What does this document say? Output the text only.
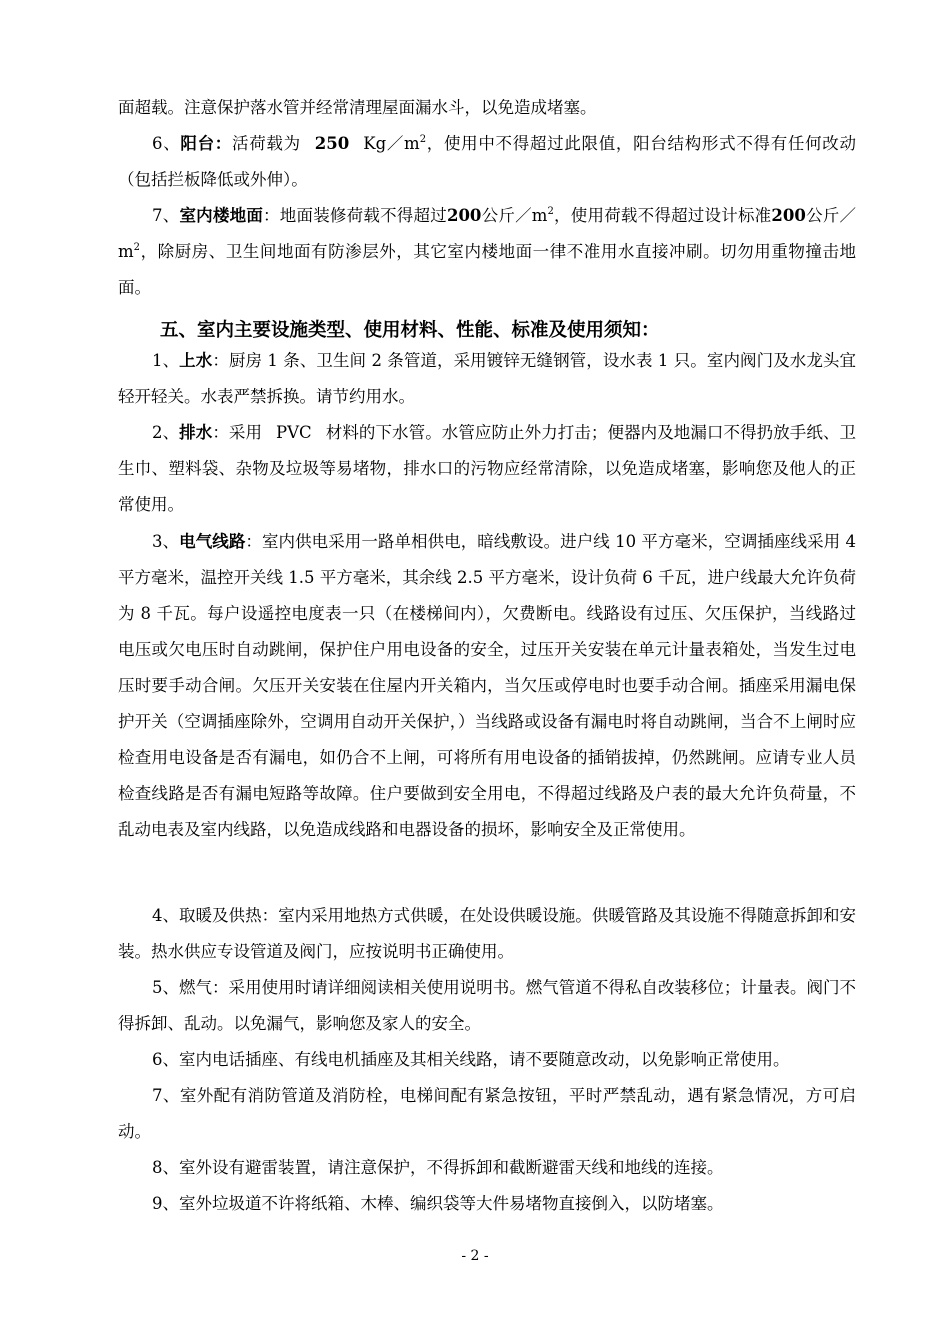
面超载。注意保护落水管并经常清理屋面漏水斗，以免造成堵塞。

6、阳台：活荷载为 250 $Kg/m^2$，使用中不得超过此限值，阳台结构形式不得有任何改动（包括拦板降低或外伸）。

7、室内楼地面：地面装修荷载不得超过200公斤$/m^2$，使用荷载不得超过设计标准200公斤$/m^2$，除厨房、卫生间地面有防渗层外，其它室内楼地面一律不准用水直接冲刷。切勿用重物撞击地面。

五、室内主要设施类型、使用材料、性能、标准及使用须知：

1、上水：厨房 1 条、卫生间 2 条管道，采用镀锌无缝钢管，设水表 1 只。室内阀门及水龙头宜轻开轻关。水表严禁拆换。请节约用水。

2、排水：采用 PVC 材料的下水管。水管应防止外力打击；便器内及地漏口不得扔放手纸、卫生巾、塑料袋、杂物及垃圾等易堵物，排水口的污物应经常清除，以免造成堵塞，影响您及他人的正常使用。

3、电气线路：室内供电采用一路单相供电，暗线敷设。进户线 10 平方毫米，空调插座线采用 4 平方毫米，温控开关线 1.5 平方毫米，其余线 2.5 平方毫米，设计负荷 6 千瓦，进户线最大允许负荷为 8 千瓦。每户设遥控电度表一只（在楼梯间内），欠费断电。线路设有过压、欠压保护，当线路过电压或欠电压时自动跳闸，保护住户用电设备的安全，过压开关安装在单元计量表箱处，当发生过电压时要手动合闸。欠压开关安装在住屋内开关箱内，当欠压或停电时也要手动合闸。插座采用漏电保护开关（空调插座除外，空调用自动开关保护，）当线路或设备有漏电时将自动跳闸，当合不上闸时应检查用电设备是否有漏电，如仍合不上闸，可将所有用电设备的插销拔掉，仍然跳闸。应请专业人员检查线路是否有漏电短路等故障。住户要做到安全用电，不得超过线路及户表的最大允许负荷量，不乱动电表及室内线路，以免造成线路和电器设备的损坏，影响安全及正常使用。

4、取暖及供热：室内采用地热方式供暖，在处设供暖设施。供暖管路及其设施不得随意拆卸和安装。热水供应专设管道及阀门，应按说明书正确使用。

5、燃气：采用使用时请详细阅读相关使用说明书。燃气管道不得私自改装移位；计量表。阀门不得拆卸、乱动。以免漏气，影响您及家人的安全。

6、室内电话插座、有线电机插座及其相关线路，请不要随意改动，以免影响正常使用。

7、室外配有消防管道及消防栓，电梯间配有紧急按钮，平时严禁乱动，遇有紧急情况，方可启动。

8、室外设有避雷装置，请注意保护，不得拆卸和截断避雷天线和地线的连接。

9、室外垃圾道不许将纸箱、木棒、编织袋等大件易堵物直接倒入，以防堵塞。

- 2 -
